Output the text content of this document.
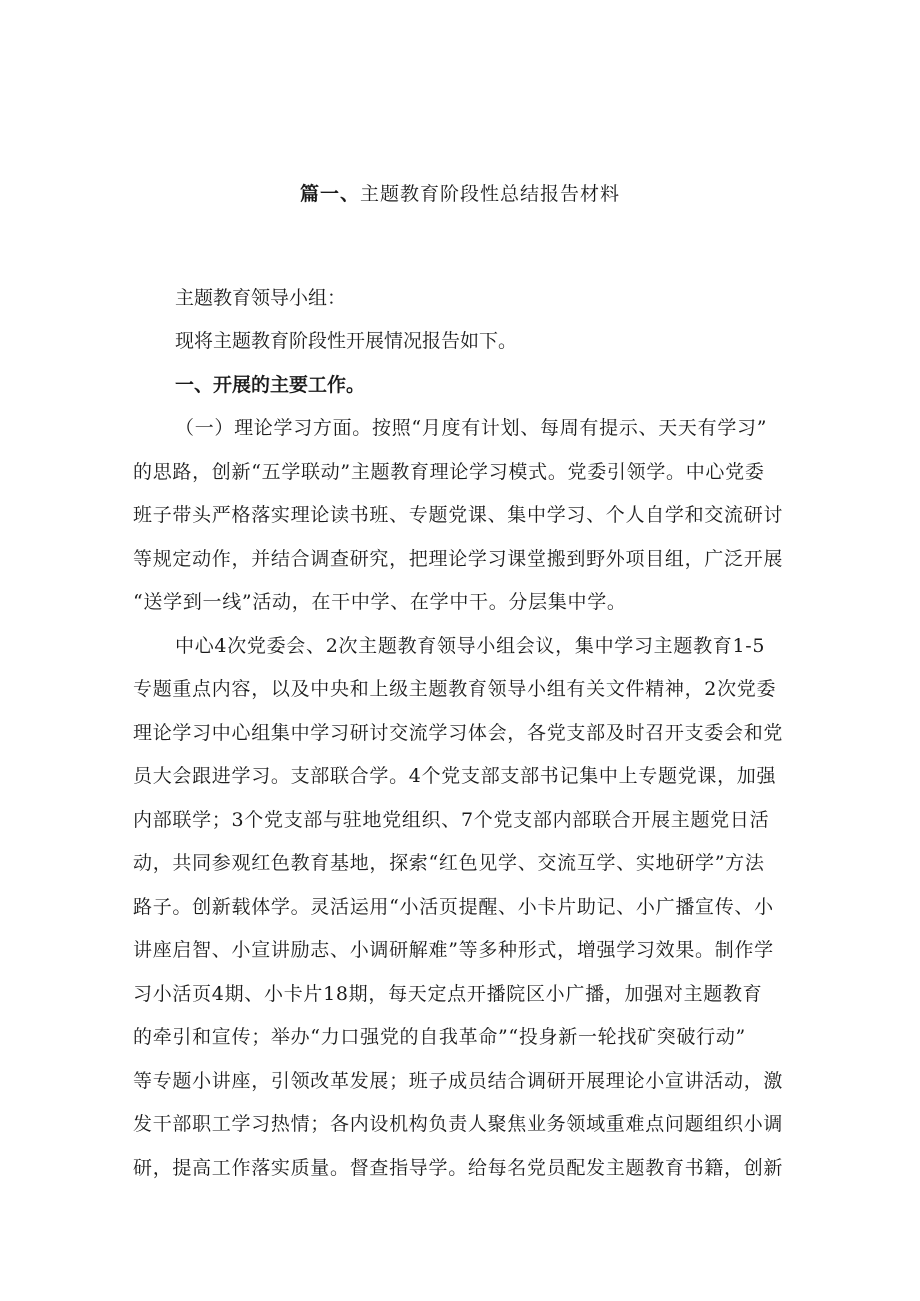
篇一、主题教育阶段性总结报告材料
主题教育领导小组：
现将主题教育阶段性开展情况报告如下。
一、开展的主要工作。
（一）理论学习方面。按照“月度有计划、每周有提示、天天有学习”
的思路，创新“五学联动”主题教育理论学习模式。党委引领学。中心党委
班子带头严格落实理论读书班、专题党课、集中学习、个人自学和交流研讨
等规定动作，并结合调查研究，把理论学习课堂搬到野外项目组，广泛开展
“送学到一线”活动，在干中学、在学中干。分层集中学。
中心4次党委会、2次主题教育领导小组会议，集中学习主题教育1-5
专题重点内容，以及中央和上级主题教育领导小组有关文件精神，2次党委
理论学习中心组集中学习研讨交流学习体会，各党支部及时召开支委会和党
员大会跟进学习。支部联合学。4个党支部支部书记集中上专题党课，加强
内部联学；3个党支部与驻地党组织、7个党支部内部联合开展主题党日活
动，共同参观红色教育基地，探索“红色见学、交流互学、实地研学”方法
路子。创新载体学。灵活运用“小活页提醒、小卡片助记、小广播宣传、小
讲座启智、小宣讲励志、小调研解难”等多种形式，增强学习效果。制作学
习小活页4期、小卡片18期，每天定点开播院区小广播，加强对主题教育
的牵引和宣传；举办“力口强党的自我革命”“投身新一轮找矿突破行动”
等专题小讲座，引领改革发展；班子成员结合调研开展理论小宣讲活动，激
发干部职工学习热情；各内设机构负责人聚焦业务领域重难点问题组织小调
研，提高工作落实质量。督查指导学。给每名党员配发主题教育书籍，创新
